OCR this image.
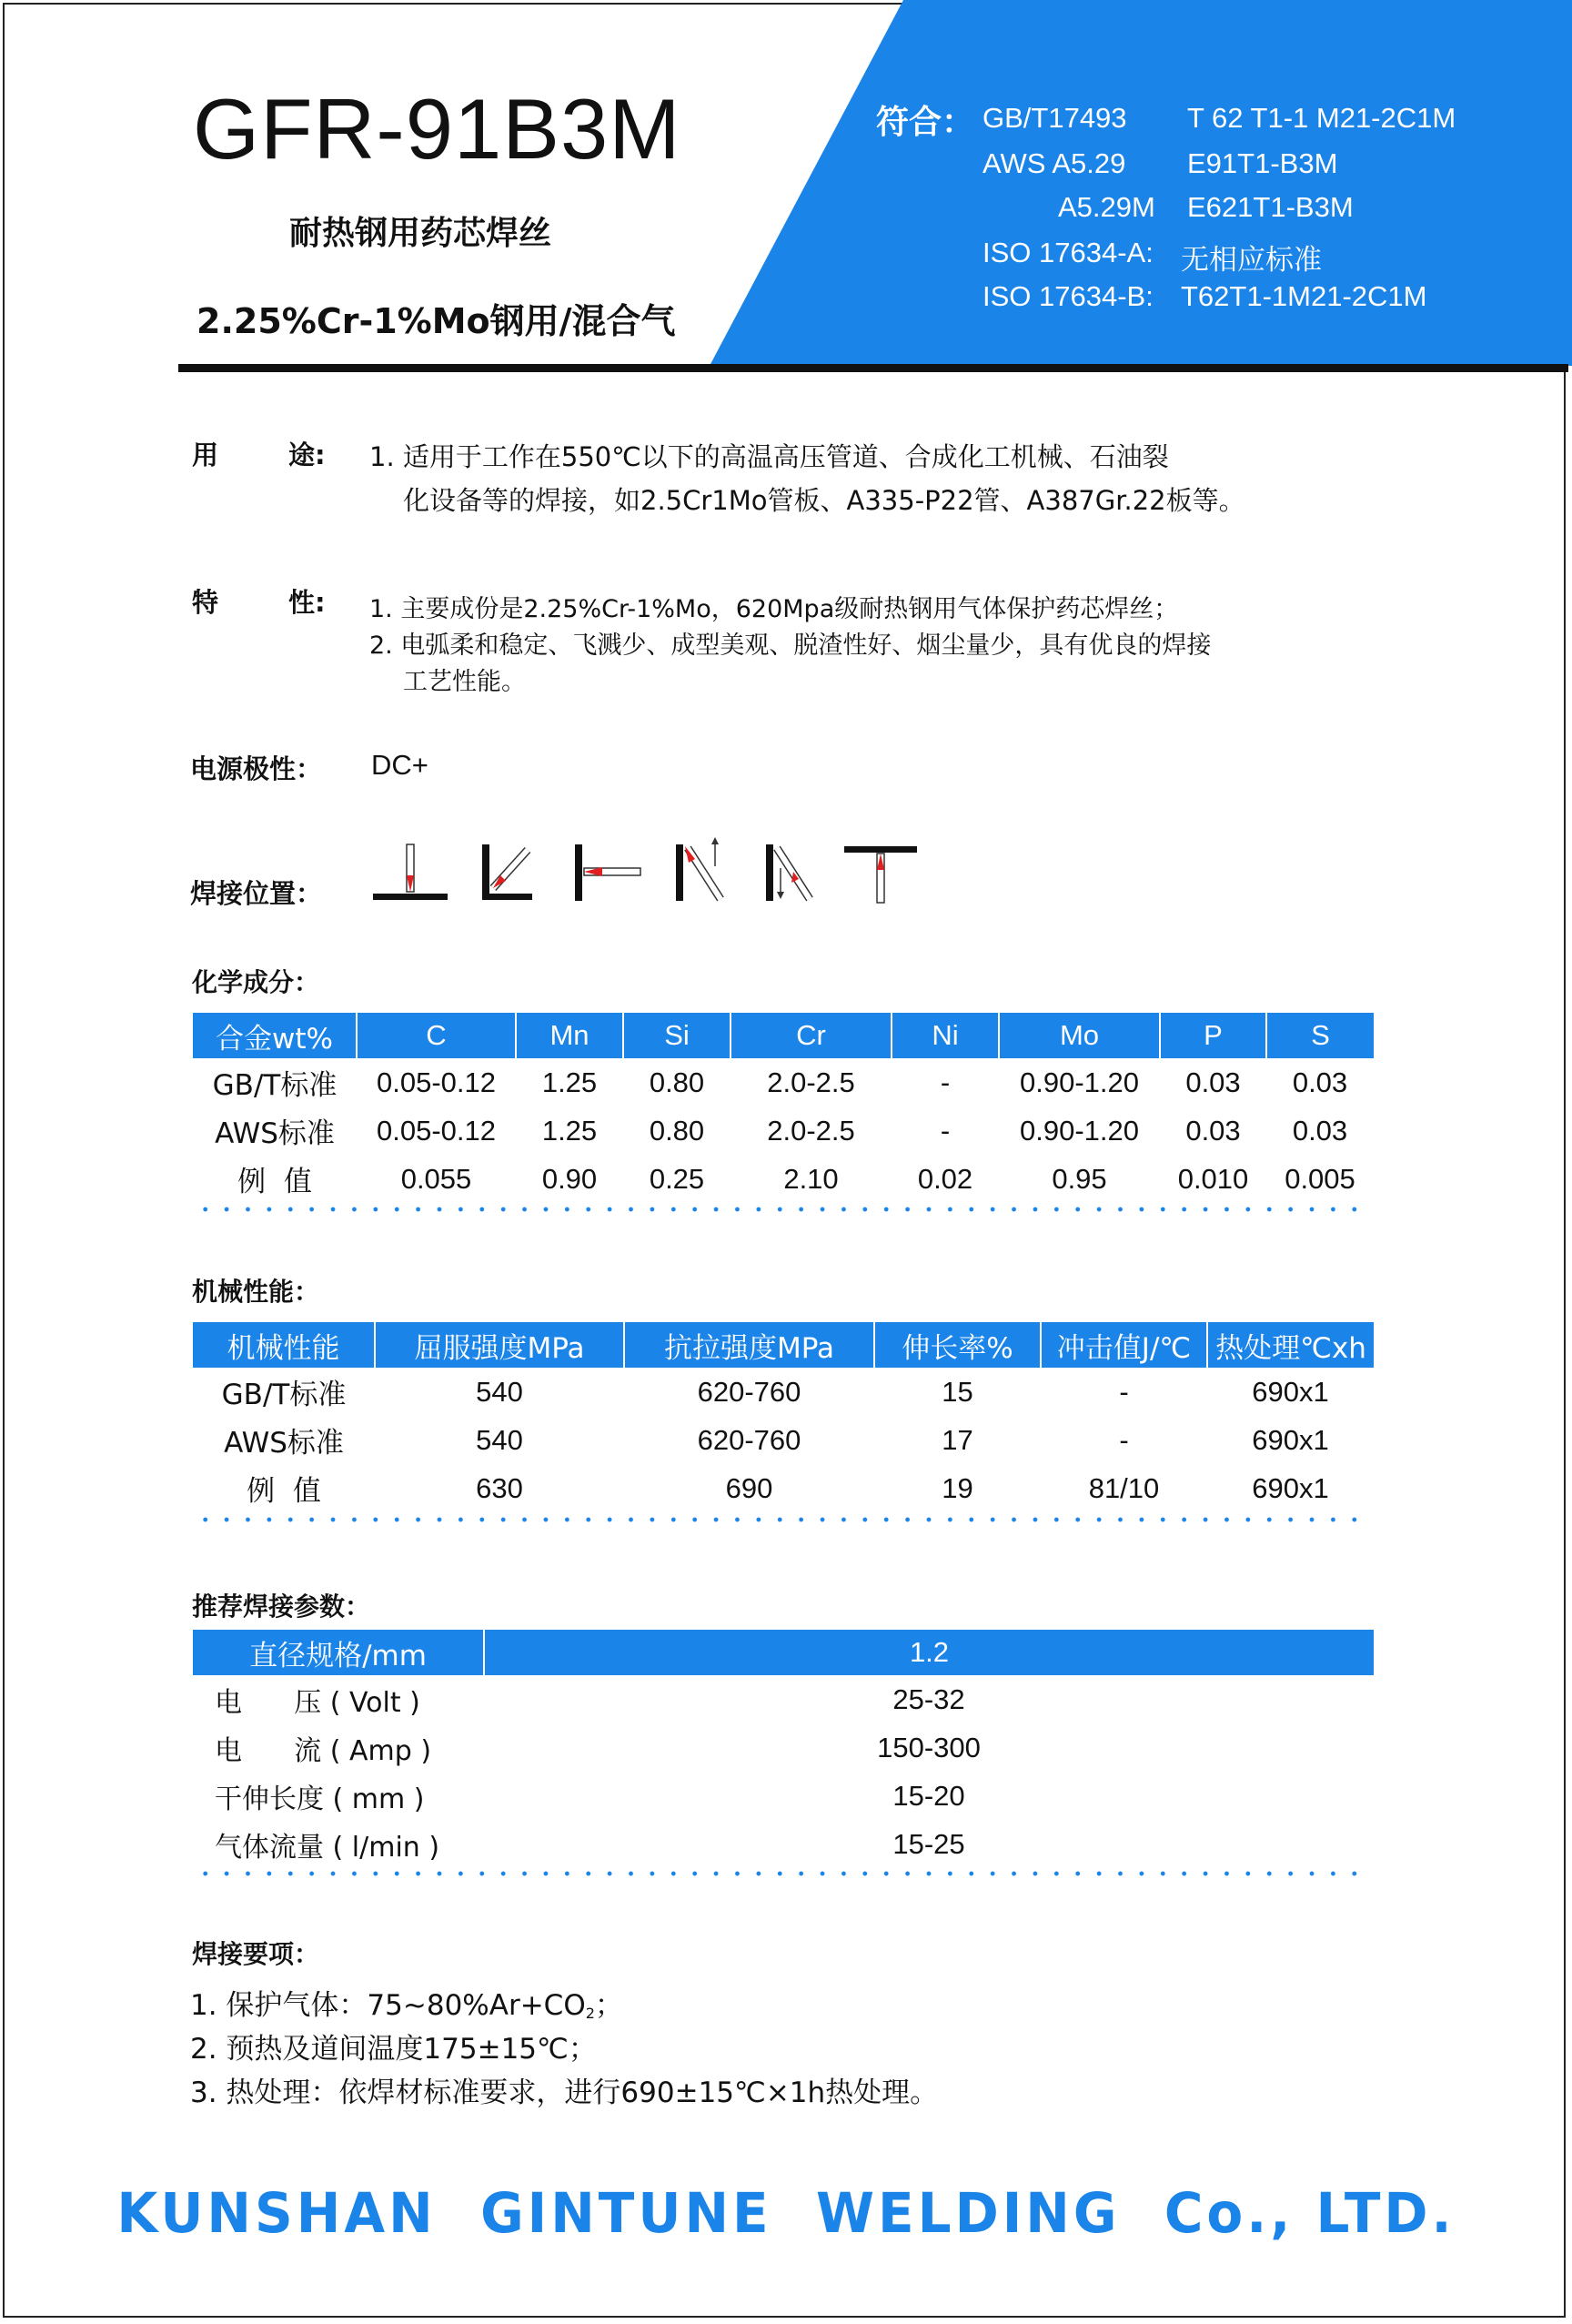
GFR-91B3M
耐热钢用药芯焊丝
2.25%Cr-1%Mo钢用/混合气
符合： GB/T17493 T 62 T1-1 M21-2C1M
AWS A5.29 E91T1-B3M
A5.29M E621T1-B3M
ISO 17634-A: 无相应标准
ISO 17634-B: T62T1-1M21-2C1M
用	途: 1. 适用于工作在550℃以下的高温高压管道、合成化工机械、石油裂
化设备等的焊接，如2.5Cr1Mo管板、A335-P22管、A387Gr.22板等。
特	性: 1. 主要成份是2.25%Cr-1%Mo，620Mpa级耐热钢用气体保护药芯焊丝；
2. 电弧柔和稳定、飞溅少、成型美观、脱渣性好、烟尘量少，具有优良的焊接
工艺性能。
电源极性： DC+
焊接位置：
化学成分：
合金wt%	C	Mn	Si	Cr	Ni	Mo	P	S
GB/T标准	0.05-0.12	1.25	0.80	2.0-2.5	-	0.90-1.20	0.03	0.03
AWS标准	0.05-0.12	1.25	0.80	2.0-2.5	-	0.90-1.20	0.03	0.03
例  值	0.055	0.90	0.25	2.10	0.02	0.95	0.010	0.005
机械性能：
机械性能	屈服强度MPa	抗拉强度MPa	伸长率%	冲击值J/℃	热处理℃xh
GB/T标准	540	620-760	15	-	690x1
AWS标准	540	620-760	17	-	690x1
例  值	630	690	19	81/10	690x1
推荐焊接参数：
直径规格/mm	1.2
电      压 ( Volt )	25-32
电      流 ( Amp )	150-300
干伸长度 ( mm )	15-20
气体流量 ( l/min )	15-25
焊接要项：
1. 保护气体：$75\sim 80\%Ar+CO_2$；
2. 预热及道间温度175±15℃；
3. 热处理：依焊材标准要求，进行690±15℃×1h热处理。
KUNSHAN  GINTUNE  WELDING  Co., LTD.
